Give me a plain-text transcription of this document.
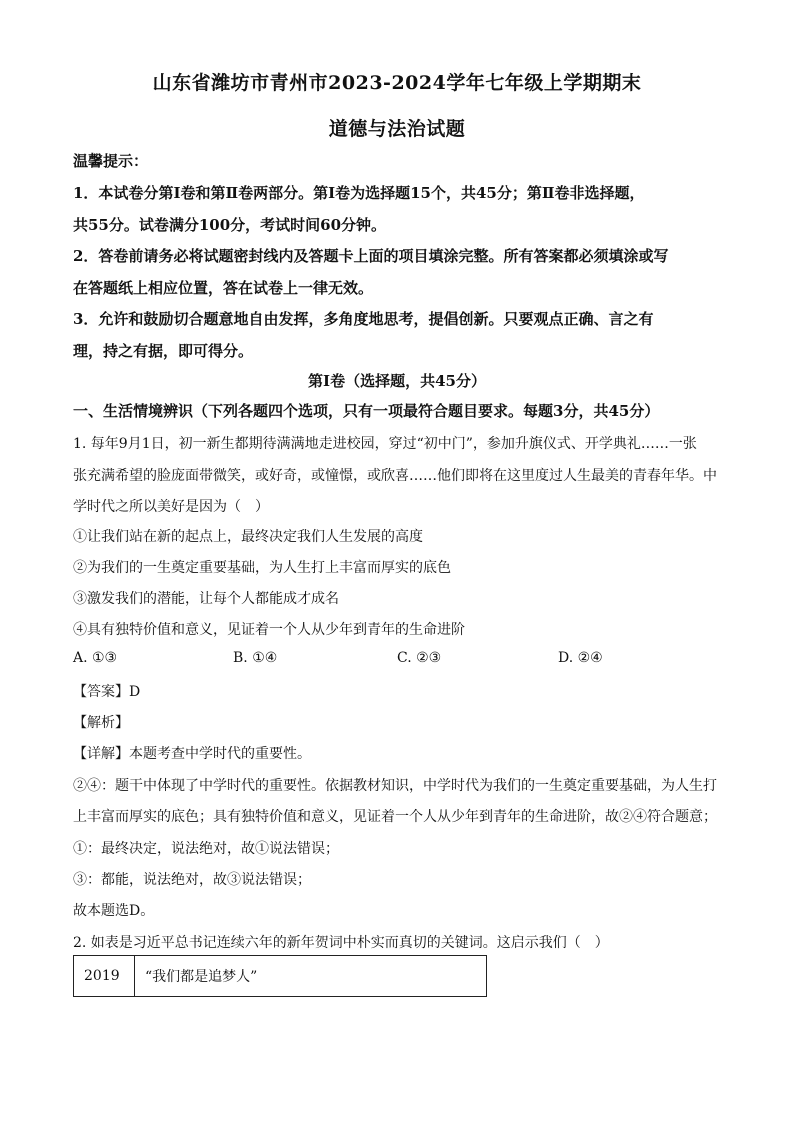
山东省潍坊市青州市2023-2024学年七年级上学期期末
道德与法治试题
温馨提示：
1．本试卷分第Ⅰ卷和第Ⅱ卷两部分。第Ⅰ卷为选择题15个，共45分；第Ⅱ卷非选择题，
共55分。试卷满分100分，考试时间60分钟。
2．答卷前请务必将试题密封线内及答题卡上面的项目填涂完整。所有答案都必须填涂或写
在答题纸上相应位置，答在试卷上一律无效。
3．允许和鼓励切合题意地自由发挥，多角度地思考，提倡创新。只要观点正确、言之有
理，持之有据，即可得分。
第Ⅰ卷（选择题，共45分）
一、生活情境辨识（下列各题四个选项，只有一项最符合题目要求。每题3分，共45分）
1. 每年9月1日，初一新生都期待满满地走进校园，穿过“初中门”，参加升旗仪式、开学典礼……一张
张充满希望的脸庞面带微笑，或好奇，或憧憬，或欣喜……他们即将在这里度过人生最美的青春年华。中
学时代之所以美好是因为（　）
①让我们站在新的起点上，最终决定我们人生发展的高度
②为我们的一生奠定重要基础，为人生打上丰富而厚实的底色
③激发我们的潜能，让每个人都能成才成名
④具有独特价值和意义，见证着一个人从少年到青年的生命进阶
A. ①③	B. ①④	C. ②③	D. ②④
【答案】D
【解析】
【详解】本题考查中学时代的重要性。
②④：题干中体现了中学时代的重要性。依据教材知识，中学时代为我们的一生奠定重要基础，为人生打
上丰富而厚实的底色；具有独特价值和意义，见证着一个人从少年到青年的生命进阶，故②④符合题意；
①：最终决定，说法绝对，故①说法错误；
③：都能，说法绝对，故③说法错误；
故本题选D。
2. 如表是习近平总书记连续六年的新年贺词中朴实而真切的关键词。这启示我们（　）
2019	“我们都是追梦人”
